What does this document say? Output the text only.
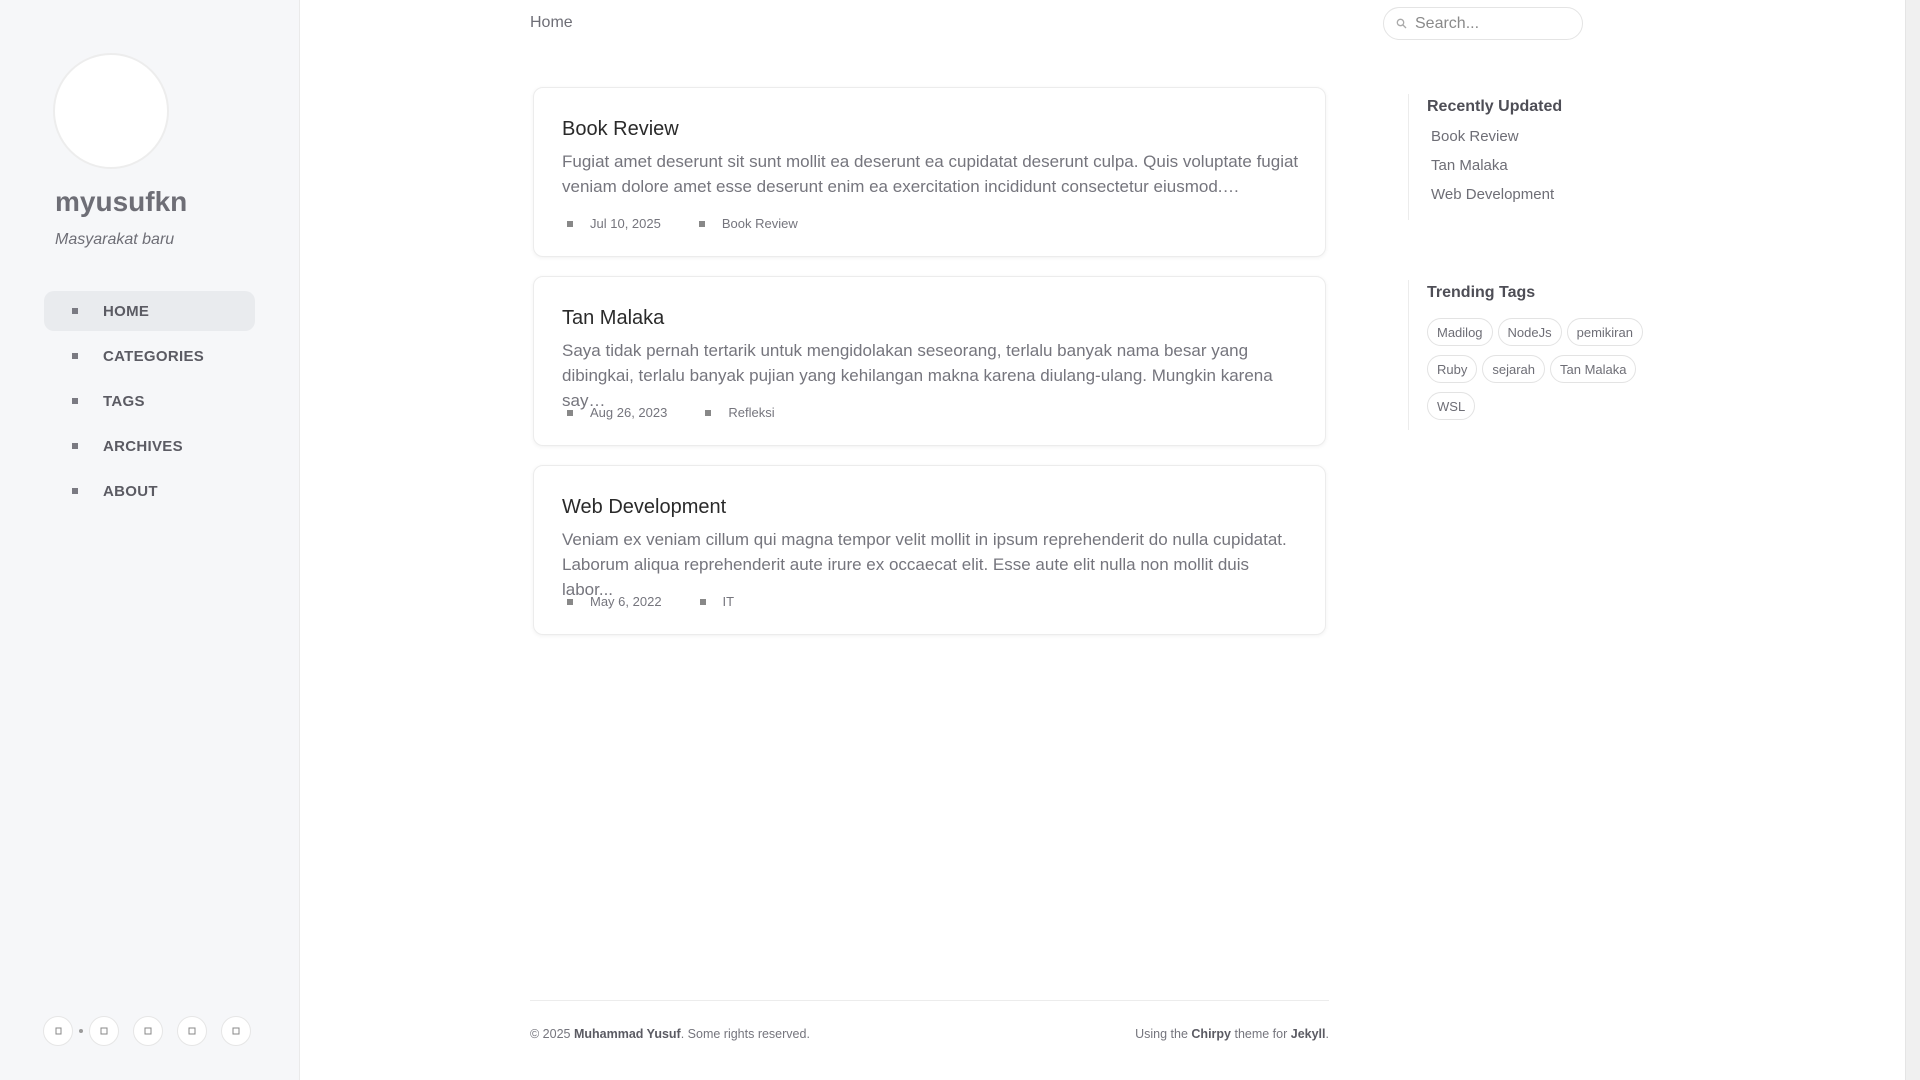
myusufkn
Masyarakat baru
HOME
CATEGORIES
TAGS
ARCHIVES
ABOUT
Home
Search...
Book Review
Fugiat amet deserunt sit sunt mollit ea deserunt ea cupidatat deserunt culpa. Quis voluptate fugiat veniam dolore amet esse deserunt enim ea exercitation incididunt consectetur eiusmod.…
Jul 10, 2025	Book Review
Tan Malaka
Saya tidak pernah tertarik untuk mengidolakan seseorang, terlalu banyak nama besar yang dibingkai, terlalu banyak pujian yang kehilangan makna karena diulang-ulang. Mungkin karena say…
Aug 26, 2023	Refleksi
Web Development
Veniam ex veniam cillum qui magna tempor velit mollit in ipsum reprehenderit do nulla cupidatat. Laborum aliqua reprehenderit aute irure ex occaecat elit. Esse aute elit nulla non mollit duis labor...
May 6, 2022	IT
Recently Updated
Book Review
Tan Malaka
Web Development
Trending Tags
Madilog	NodeJs	pemikiran
Ruby	sejarah	Tan Malaka
WSL
© 2025 Muhammad Yusuf. Some rights reserved.	Using the Chirpy theme for Jekyll.
